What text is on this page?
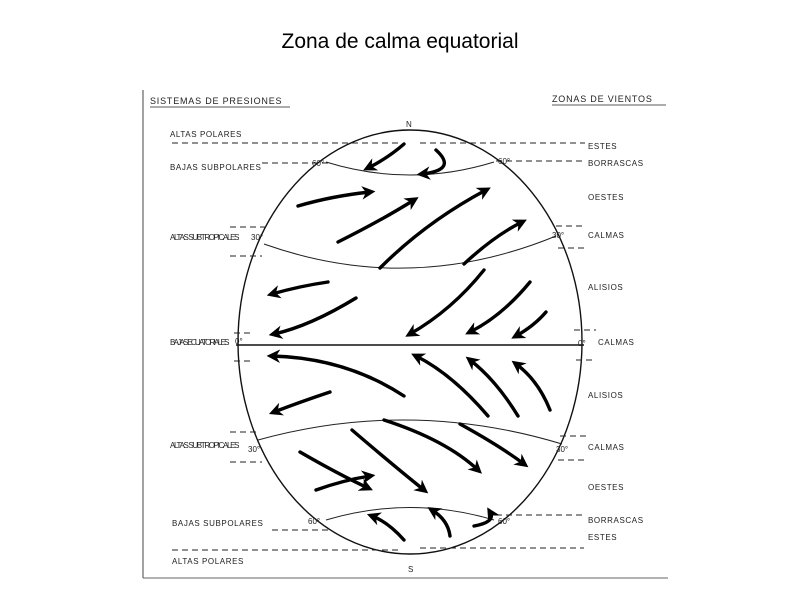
Zona de calma equatorial
SISTEMAS DE PRESIONES	ZONAS DE VIENTOS
ALTAS POLARES
BAJAS SUBPOLARES
ALTAS SUBTROPICALES
BAJAS ECUATORIALES
ALTAS SUBTROPICALES
BAJAS SUBPOLARES
ALTAS POLARES
ESTES
BORRASCAS
OESTES
CALMAS
ALISIOS
CALMAS
ALISIOS
CALMAS
OESTES
BORRASCAS
ESTES
60°	60°
30°	30°
0°	0°
30°	30°
60°	60°
N
S
